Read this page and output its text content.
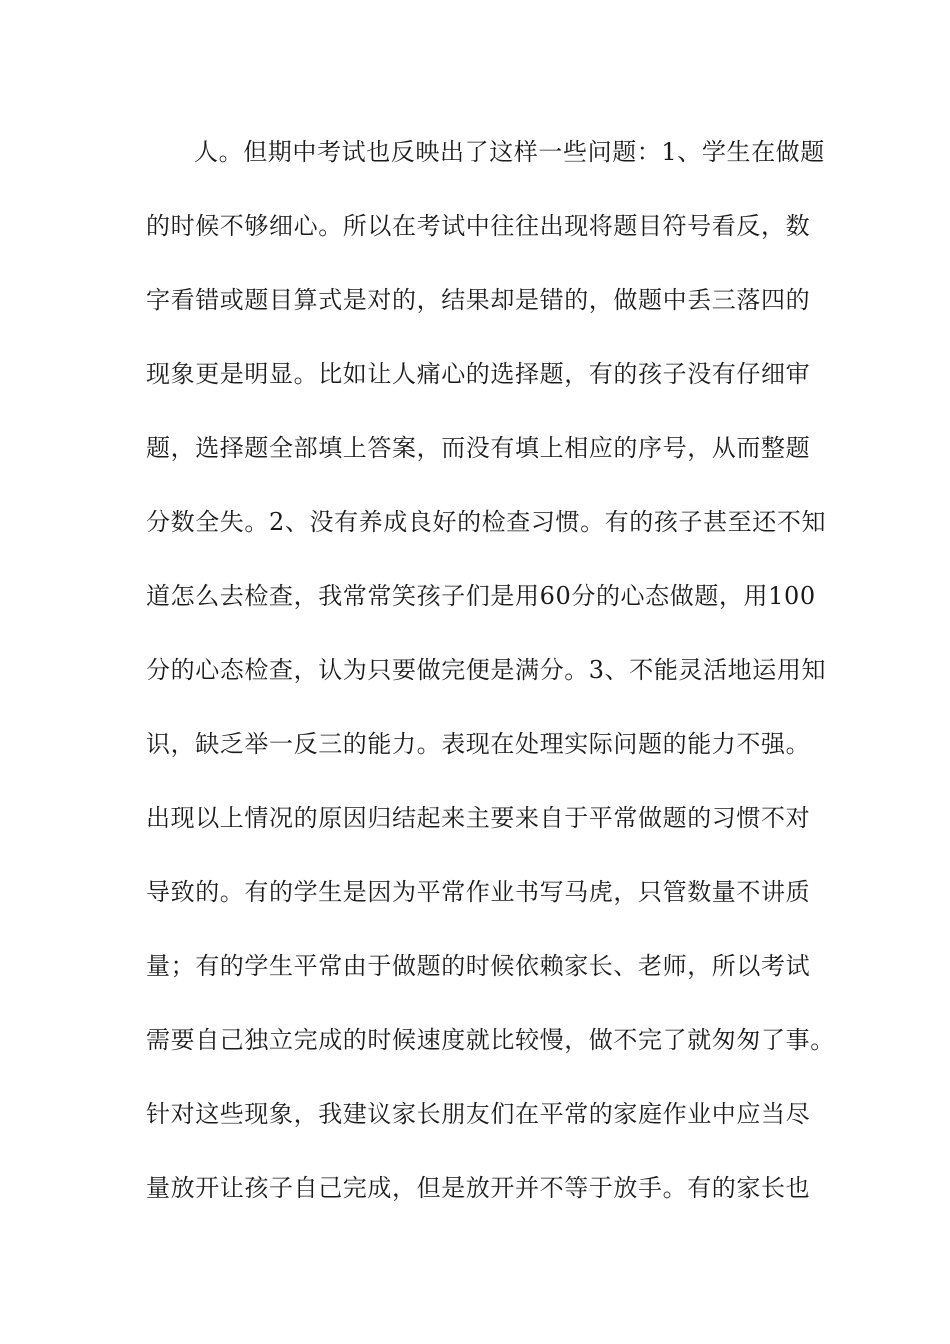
人。但期中考试也反映出了这样一些问题：1、学生在做题
的时候不够细心。所以在考试中往往出现将题目符号看反，数
字看错或题目算式是对的，结果却是错的，做题中丢三落四的
现象更是明显。比如让人痛心的选择题，有的孩子没有仔细审
题，选择题全部填上答案，而没有填上相应的序号，从而整题
分数全失。2、没有养成良好的检查习惯。有的孩子甚至还不知
道怎么去检查，我常常笑孩子们是用60分的心态做题，用100
分的心态检查，认为只要做完便是满分。3、不能灵活地运用知
识，缺乏举一反三的能力。表现在处理实际问题的能力不强。
出现以上情况的原因归结起来主要来自于平常做题的习惯不对
导致的。有的学生是因为平常作业书写马虎，只管数量不讲质
量；有的学生平常由于做题的时候依赖家长、老师，所以考试
需要自己独立完成的时候速度就比较慢，做不完了就匆匆了事。
针对这些现象，我建议家长朋友们在平常的家庭作业中应当尽
量放开让孩子自己完成，但是放开并不等于放手。有的家长也
